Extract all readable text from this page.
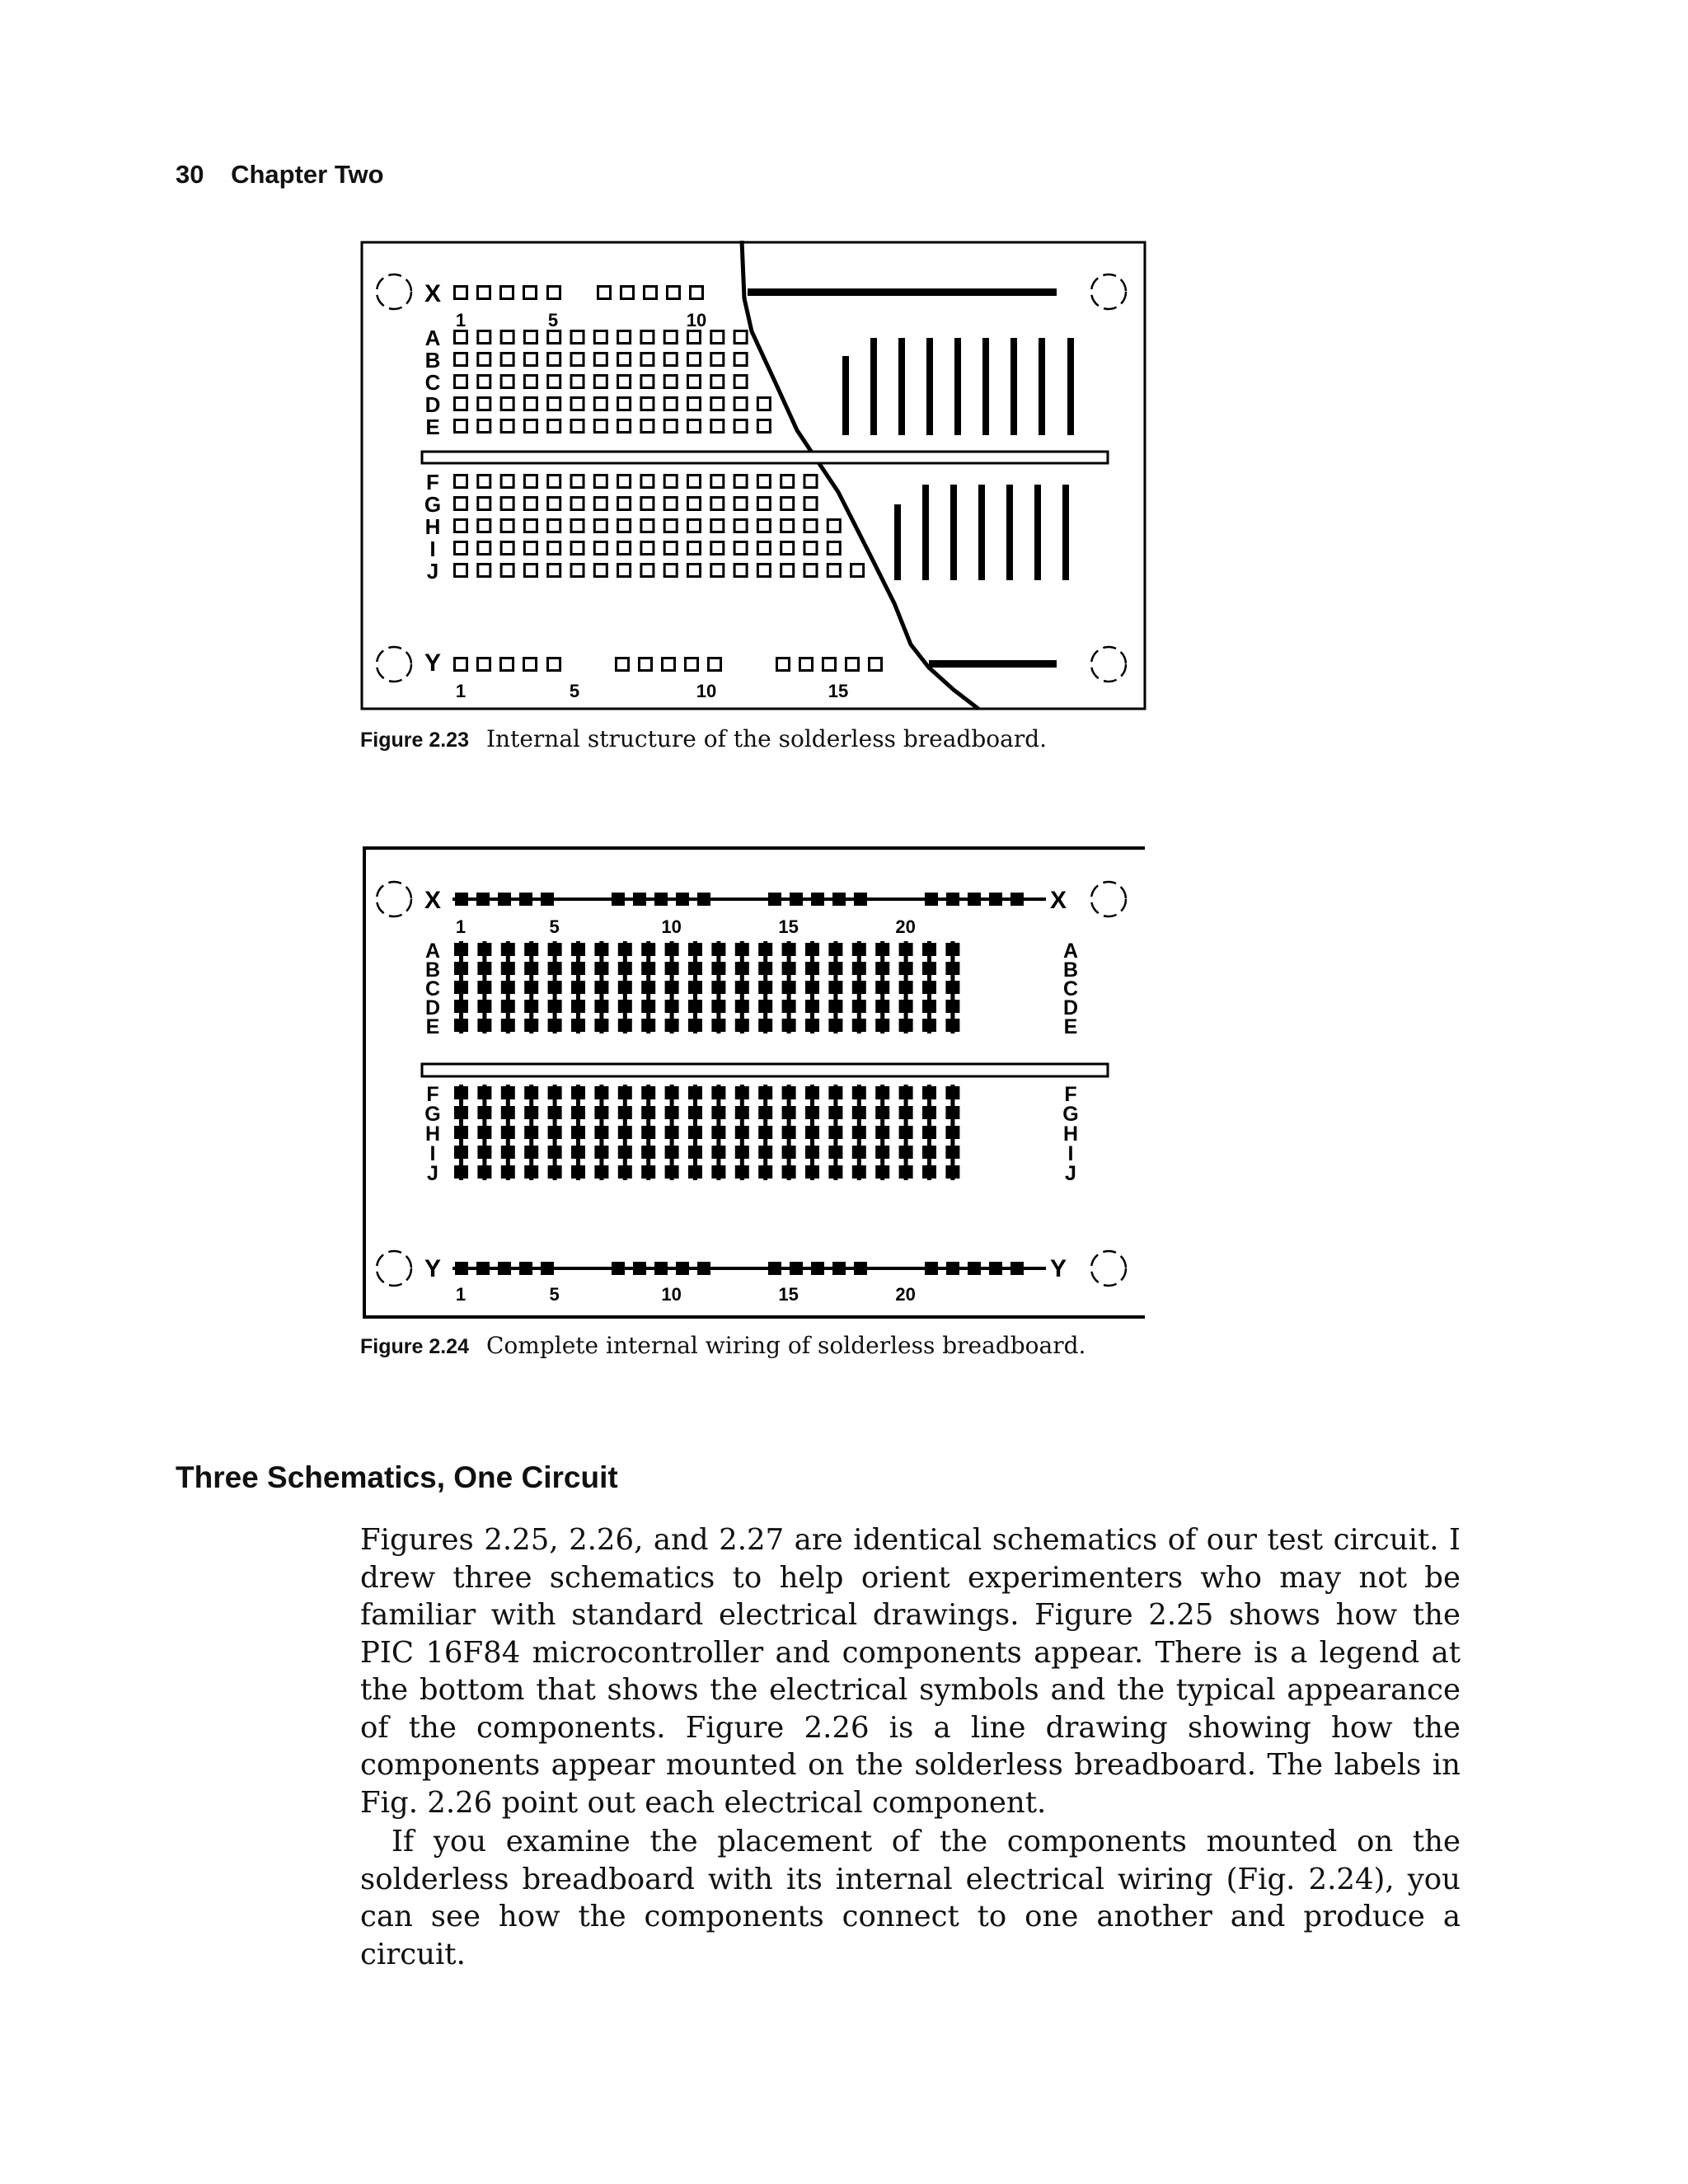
30 Chapter Two
X
Y
1	5	10
A
B
C
D
E
F
G
H
I
J
1	5	10	15
Figure 2.23 Internal structure of the solderless breadboard.
X	X
Y	Y
1	5	10	15	20
1	5	10	15	20
A	A
B	B
C	C
D	D
E	E
F	F
G	G
H	H
I	I
J	J
Figure 2.24 Complete internal wiring of solderless breadboard.
Three Schematics, One Circuit

Figures 2.25, 2.26, and 2.27 are identical schematics of our test circuit. I drew three schematics to help orient experimenters who may not be familiar with standard electrical drawings. Figure 2.25 shows how the PIC 16F84 microcontroller and components appear. There is a legend at the bottom that shows the electrical symbols and the typical appearance of the components. Figure 2.26 is a line drawing showing how the components appear mounted on the solderless breadboard. The labels in Fig. 2.26 point out each electrical component.

If you examine the placement of the components mounted on the solderless breadboard with its internal electrical wiring (Fig. 2.24), you can see how the components connect to one another and produce a circuit.
